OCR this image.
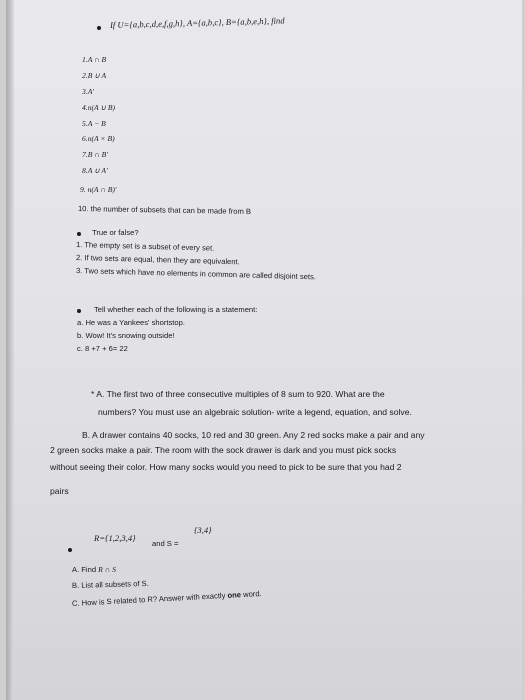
If U={a,b,c,d,e,f,g,h}, A={a,b,c}, B={a,b,e,h}, find
1.A ∩ B
2.B ∪ A
3.A'
4.n(A ∪ B)
5.A − B
6.n(A × B)
7.B ∩ B'
8.A ∪ A'
9. n(A ∩ B)'
10. the number of subsets that can be made from B
True or false?
1. The empty set is a subset of every set.
2. If two sets are equal, then they are equivalent.
3. Two sets which have no elements in common are called disjoint sets.
Tell whether each of the following is a statement:
a. He was a Yankees' shortstop.
b. Wow! It's snowing outside!
c. 8 +7 + 6= 22
* A. The first two of three consecutive multiples of 8 sum to 920. What are the
numbers? You must use an algebraic solution- write a legend, equation, and solve.
B. A drawer contains 40 socks, 10 red and 30 green. Any 2 red socks make a pair and any
2 green socks make a pair. The room with the sock drawer is dark and you must pick socks
without seeing their color. How many socks would you need to pick to be sure that you had 2
pairs
R={1,2,3,4}
and S =
{3,4}
A. Find R ∩ S
B. List all subsets of S.
C. How is S related to R? Answer with exactly one word.
